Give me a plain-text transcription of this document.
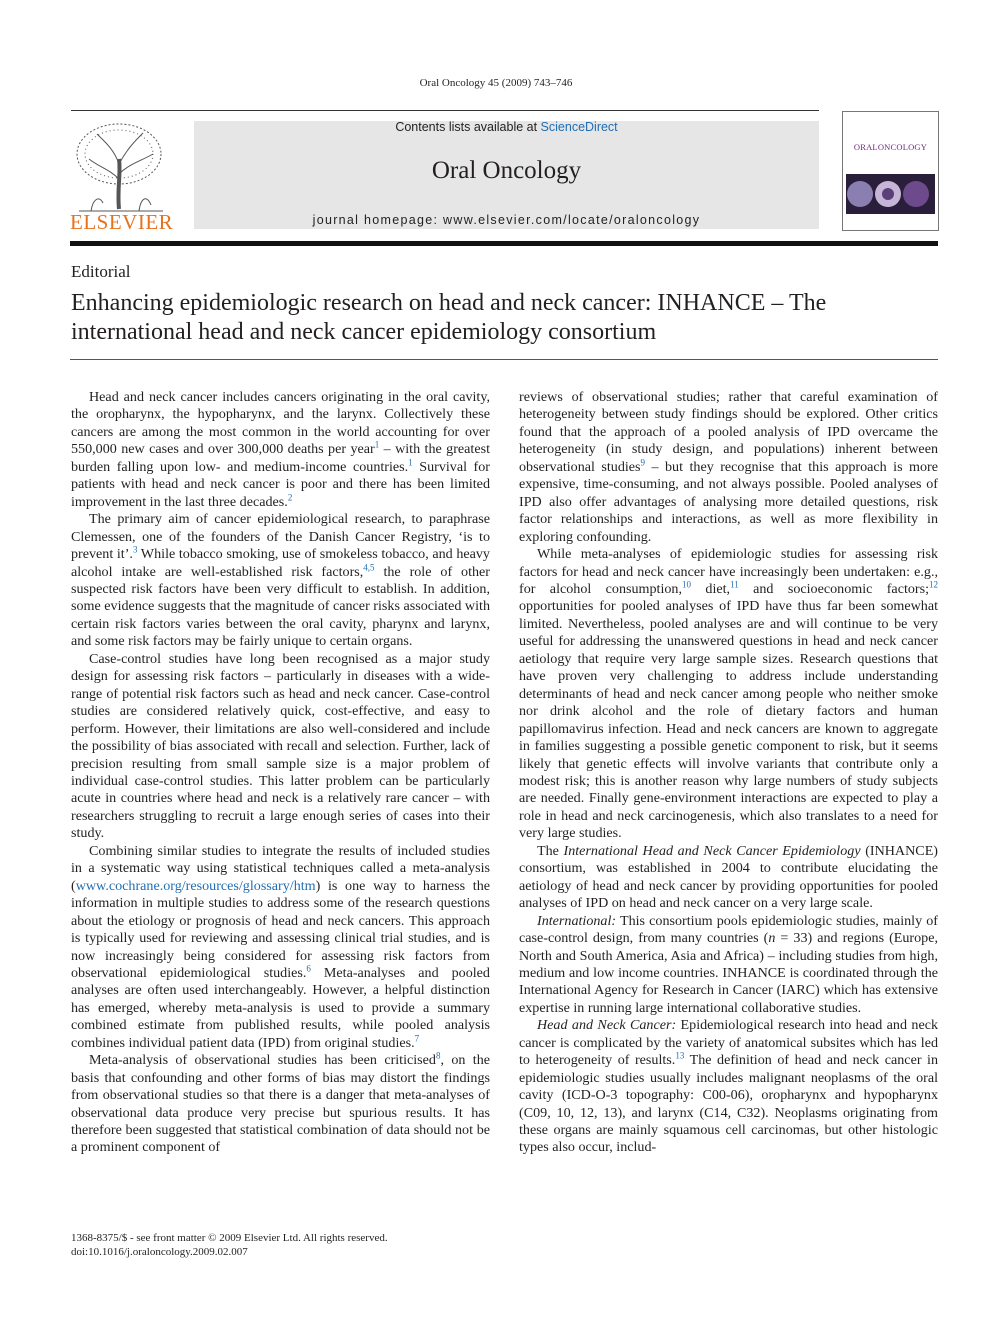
Oral Oncology 45 (2009) 743–746
ELSEVIER
Contents lists available at ScienceDirect
Oral Oncology
journal homepage: www.elsevier.com/locate/oraloncology
ORALONCOLOGY
Editorial
Enhancing epidemiologic research on head and neck cancer: INHANCE – The international head and neck cancer epidemiology consortium

Head and neck cancer includes cancers originating in the oral cavity, the oropharynx, the hypopharynx, and the larynx. Collectively these cancers are among the most common in the world accounting for over 550,000 new cases and over 300,000 deaths per year$^1$ – with the greatest burden falling upon low- and medium-income countries.$^1$ Survival for patients with head and neck cancer is poor and there has been limited improvement in the last three decades.$^2$

The primary aim of cancer epidemiological research, to paraphrase Clemessen, one of the founders of the Danish Cancer Registry, ‘is to prevent it’.$^3$ While tobacco smoking, use of smokeless tobacco, and heavy alcohol intake are well-established risk factors,$^{4,5}$ the role of other suspected risk factors have been very difficult to establish. In addition, some evidence suggests that the magnitude of cancer risks associated with certain risk factors varies between the oral cavity, pharynx and larynx, and some risk factors may be fairly unique to certain organs.

Case-control studies have long been recognised as a major study design for assessing risk factors – particularly in diseases with a wide-range of potential risk factors such as head and neck cancer. Case-control studies are considered relatively quick, cost-effective, and easy to perform. However, their limitations are also well-considered and include the possibility of bias associated with recall and selection. Further, lack of precision resulting from small sample size is a major problem of individual case-control studies. This latter problem can be particularly acute in countries where head and neck is a relatively rare cancer – with researchers struggling to recruit a large enough series of cases into their study.

Combining similar studies to integrate the results of included studies in a systematic way using statistical techniques called a meta-analysis (www.cochrane.org/resources/glossary/htm) is one way to harness the information in multiple studies to address some of the research questions about the etiology or prognosis of head and neck cancers. This approach is typically used for reviewing and assessing clinical trial studies, and is now increasingly being considered for assessing risk factors from observational epidemiological studies.$^6$ Meta-analyses and pooled analyses are often used interchangeably. However, a helpful distinction has emerged, whereby meta-analysis is used to provide a summary combined estimate from published results, while pooled analysis combines individual patient data (IPD) from original studies.$^7$

Meta-analysis of observational studies has been criticised$^8$, on the basis that confounding and other forms of bias may distort the findings from observational studies so that there is a danger that meta-analyses of observational data produce very precise but spurious results. It has therefore been suggested that statistical combination of data should not be a prominent component of

reviews of observational studies; rather that careful examination of heterogeneity between study findings should be explored. Other critics found that the approach of a pooled analysis of IPD overcame the heterogeneity (in study design, and populations) inherent between observational studies$^9$ – but they recognise that this approach is more expensive, time-consuming, and not always possible. Pooled analyses of IPD also offer advantages of analysing more detailed questions, risk factor relationships and interactions, as well as more flexibility in exploring confounding.

While meta-analyses of epidemiologic studies for assessing risk factors for head and neck cancer have increasingly been undertaken: e.g., for alcohol consumption,$^{10}$ diet,$^{11}$ and socioeconomic factors;$^{12}$ opportunities for pooled analyses of IPD have thus far been somewhat limited. Nevertheless, pooled analyses are and will continue to be very useful for addressing the unanswered questions in head and neck cancer aetiology that require very large sample sizes. Research questions that have proven very challenging to address include understanding determinants of head and neck cancer among people who neither smoke nor drink alcohol and the role of dietary factors and human papillomavirus infection. Head and neck cancers are known to aggregate in families suggesting a possible genetic component to risk, but it seems likely that genetic effects will involve variants that contribute only a modest risk; this is another reason why large numbers of study subjects are needed. Finally gene-environment interactions are expected to play a role in head and neck carcinogenesis, which also translates to a need for very large studies.

The International Head and Neck Cancer Epidemiology (INHANCE) consortium, was established in 2004 to contribute elucidating the aetiology of head and neck cancer by providing opportunities for pooled analyses of IPD on head and neck cancer on a very large scale.

International: This consortium pools epidemiologic studies, mainly of case-control design, from many countries (n = 33) and regions (Europe, North and South America, Asia and Africa) – including studies from high, medium and low income countries. INHANCE is coordinated through the International Agency for Research in Cancer (IARC) which has extensive expertise in running large international collaborative studies.

Head and Neck Cancer: Epidemiological research into head and neck cancer is complicated by the variety of anatomical subsites which has led to heterogeneity of results.$^{13}$ The definition of head and neck cancer in epidemiologic studies usually includes malignant neoplasms of the oral cavity (ICD-O-3 topography: C00-06), oropharynx and hypopharynx (C09, 10, 12, 13), and larynx (C14, C32). Neoplasms originating from these organs are mainly squamous cell carcinomas, but other histologic types also occur, includ-

1368-8375/$ - see front matter © 2009 Elsevier Ltd. All rights reserved.
doi:10.1016/j.oraloncology.2009.02.007
